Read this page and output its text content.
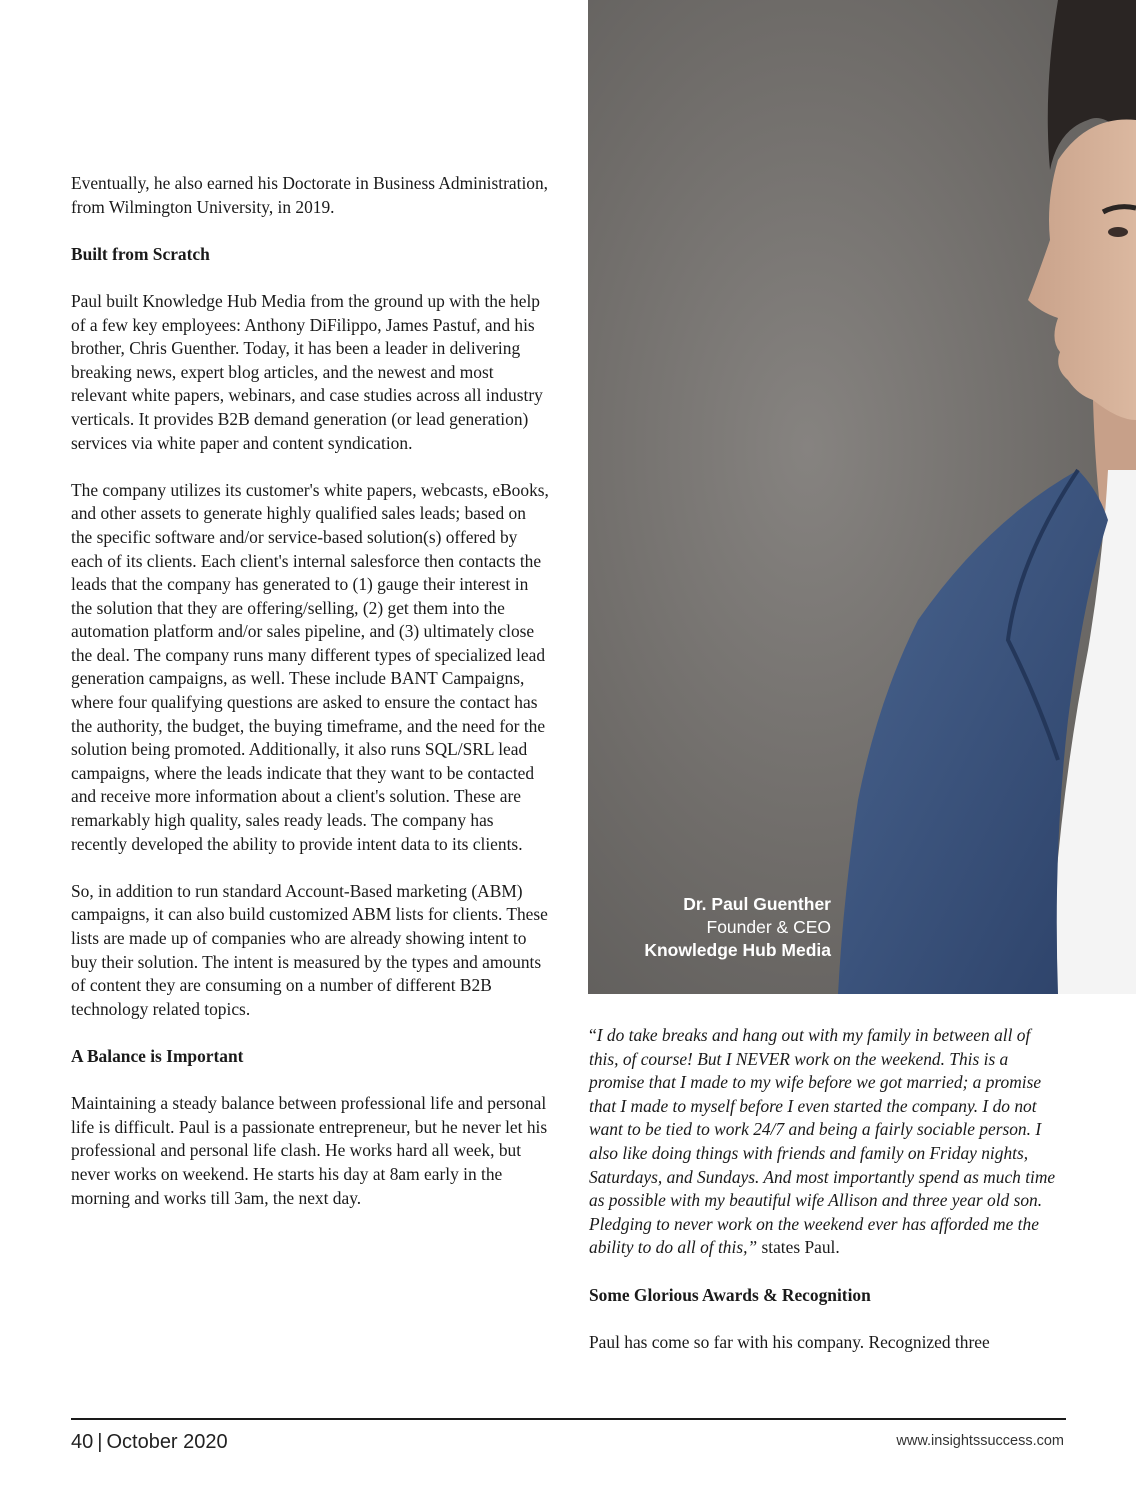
Eventually, he also earned his Doctorate in Business Administration, from Wilmington University, in 2019.

Built from Scratch

Paul built Knowledge Hub Media from the ground up with the help of a few key employees: Anthony DiFilippo, James Pastuf, and his brother, Chris Guenther. Today, it has been a leader in delivering breaking news, expert blog articles, and the newest and most relevant white papers, webinars, and case studies across all industry verticals. It provides B2B demand generation (or lead generation) services via white paper and content syndication.

The company utilizes its customer's white papers, webcasts, eBooks, and other assets to generate highly qualified sales leads; based on the specific software and/or service-based solution(s) offered by each of its clients. Each client's internal salesforce then contacts the leads that the company has generated to (1) gauge their interest in the solution that they are offering/selling, (2) get them into the automation platform and/or sales pipeline, and (3) ultimately close the deal. The company runs many different types of specialized lead generation campaigns, as well. These include BANT Campaigns, where four qualifying questions are asked to ensure the contact has the authority, the budget, the buying timeframe, and the need for the solution being promoted. Additionally, it also runs SQL/SRL lead campaigns, where the leads indicate that they want to be contacted and receive more information about a client's solution. These are remarkably high quality, sales ready leads. The company has recently developed the ability to provide intent data to its clients.

So, in addition to run standard Account-Based marketing (ABM) campaigns, it can also build customized ABM lists for clients. These lists are made up of companies who are already showing intent to buy their solution. The intent is measured by the types and amounts of content they are consuming on a number of different B2B technology related topics.

A Balance is Important

Maintaining a steady balance between professional life and personal life is difficult. Paul is a passionate entrepreneur, but he never let his professional and personal life clash. He works hard all week, but never works on weekend. He starts his day at 8am early in the morning and works till 3am, the next day.

Dr. Paul Guenther
Founder & CEO
Knowledge Hub Media

“I do take breaks and hang out with my family in between all of this, of course! But I NEVER work on the weekend. This is a promise that I made to my wife before we got married; a promise that I made to myself before I even started the company. I do not want to be tied to work 24/7 and being a fairly sociable person. I also like doing things with friends and family on Friday nights, Saturdays, and Sundays. And most importantly spend as much time as possible with my beautiful wife Allison and three year old son. Pledging to never work on the weekend ever has afforded me the ability to do all of this,” states Paul.

Some Glorious Awards & Recognition

Paul has come so far with his company. Recognized three

40 | October 2020	www.insightssuccess.com
